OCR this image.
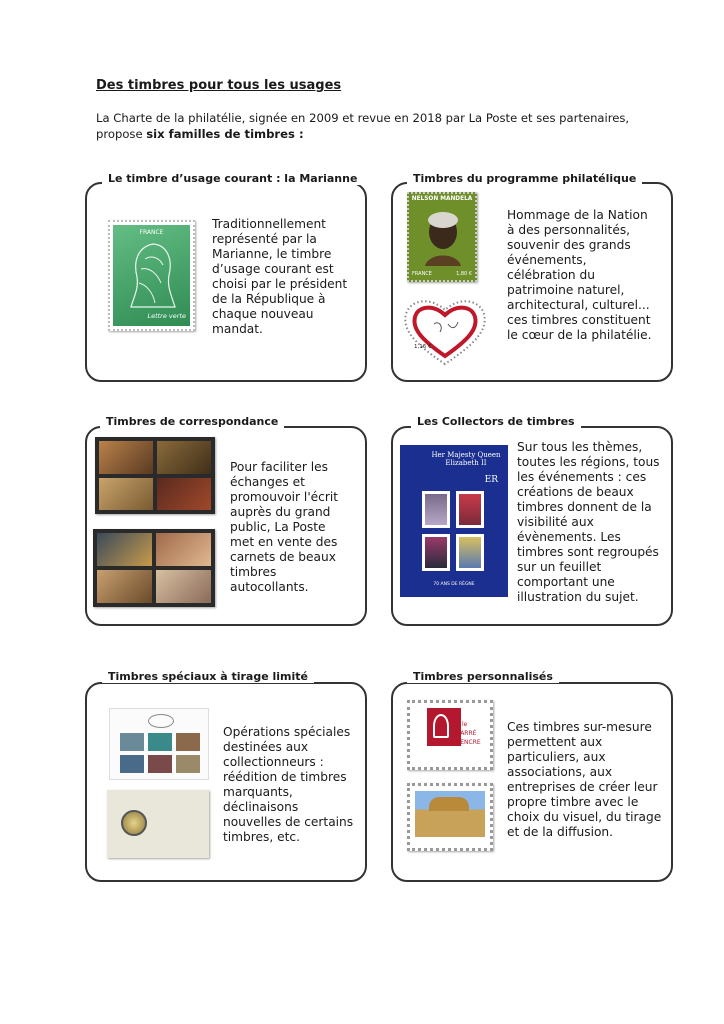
Des timbres pour tous les usages
La Charte de la philatélie, signée en 2009 et revue en 2018 par La Poste et ses partenaires, propose six familles de timbres :
Le timbre d’usage courant : la Marianne
FRANCE
Lettre verte
Traditionnellement représenté par la Marianne, le timbre d’usage courant est choisi par le président de la République à chaque nouveau mandat.
Timbres du programme philatélique
NELSON MANDELA
FRANCE	1,80 €
1,16 €
Hommage de la Nation à des personnalités, souvenir des grands événements, célébration du patrimoine naturel, architectural, culturel... ces timbres constituent le cœur de la philatélie.
Timbres de correspondance
Pour faciliter les échanges et promouvoir l'écrit auprès du grand public, La Poste met en vente des carnets de beaux timbres autocollants.
Les Collectors de timbres
Her Majesty Queen Elizabeth II
ER
70 ANS DE RÈGNE
Sur tous les thèmes, toutes les régions, tous les événements : ces créations de beaux timbres donnent de la visibilité aux évènements. Les timbres sont regroupés sur un feuillet comportant une illustration du sujet.
Timbres spéciaux à tirage limité
Opérations spéciales destinées aux collectionneurs : réédition de timbres marquants, déclinaisons nouvelles de certains timbres, etc.
Timbres personnalisés
le
CARRÉ
D'ENCRE
Ces timbres sur-mesure permettent aux particuliers, aux associations, aux entreprises de créer leur propre timbre avec le choix du visuel, du tirage et de la diffusion.
